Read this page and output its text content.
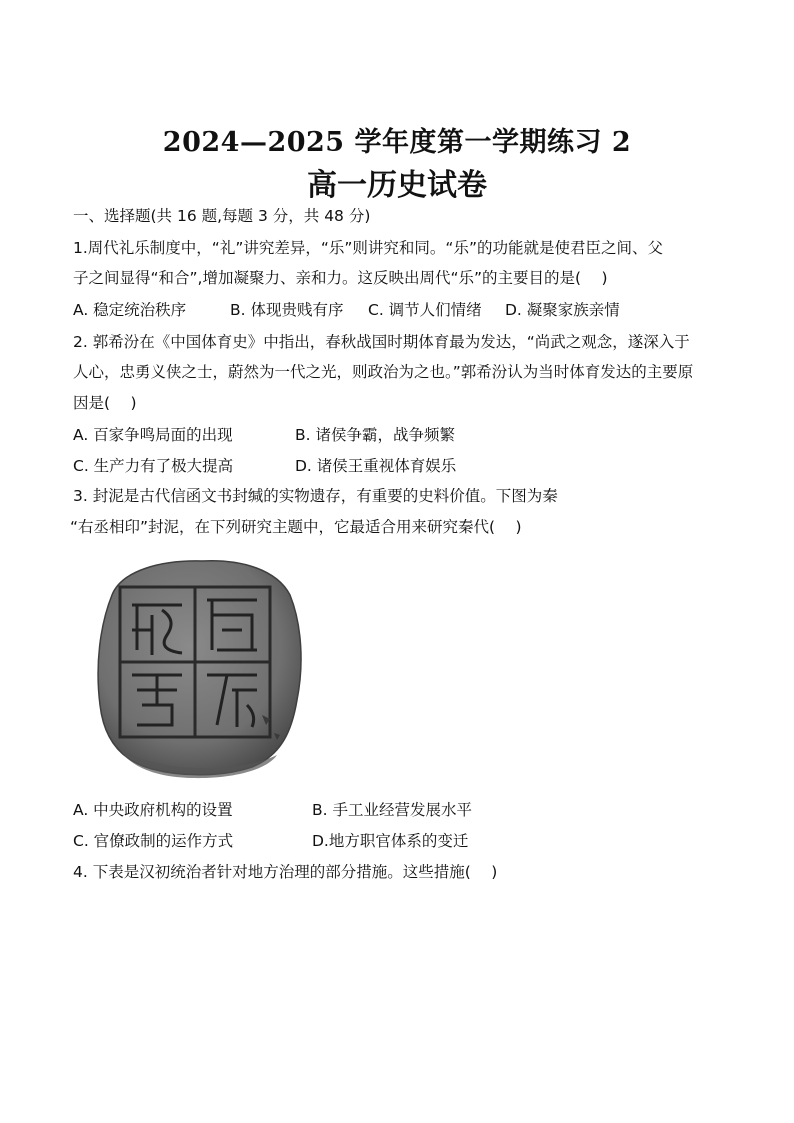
2024—2025 学年度第一学期练习 2
高一历史试卷
一、选择题(共 16 题,每题 3 分，共 48 分)
1.周代礼乐制度中，“礼”讲究差异，“乐”则讲究和同。“乐”的功能就是使君臣之间、父
子之间显得“和合”,增加凝聚力、亲和力。这反映出周代“乐”的主要目的是(　 )
A. 稳定统治秩序	B. 体现贵贱有序 C. 调节人们情绪 D. 凝聚家族亲情
2. 郭希汾在《中国体育史》中指出，春秋战国时期体育最为发达，“尚武之观念，遂深入于
人心，忠勇义侠之士，蔚然为一代之光，则政治为之也。”郭希汾认为当时体育发达的主要原
因是(　 )
A. 百家争鸣局面的出现	B. 诸侯争霸，战争频繁
C. 生产力有了极大提高	D. 诸侯王重视体育娱乐
3. 封泥是古代信函文书封缄的实物遗存，有重要的史料价值。下图为秦
“右丞相印”封泥，在下列研究主题中，它最适合用来研究秦代(　 )
A. 中央政府机构的设置	B. 手工业经营发展水平
C. 官僚政制的运作方式	D.地方职官体系的变迁
4. 下表是汉初统治者针对地方治理的部分措施。这些措施(　 )
